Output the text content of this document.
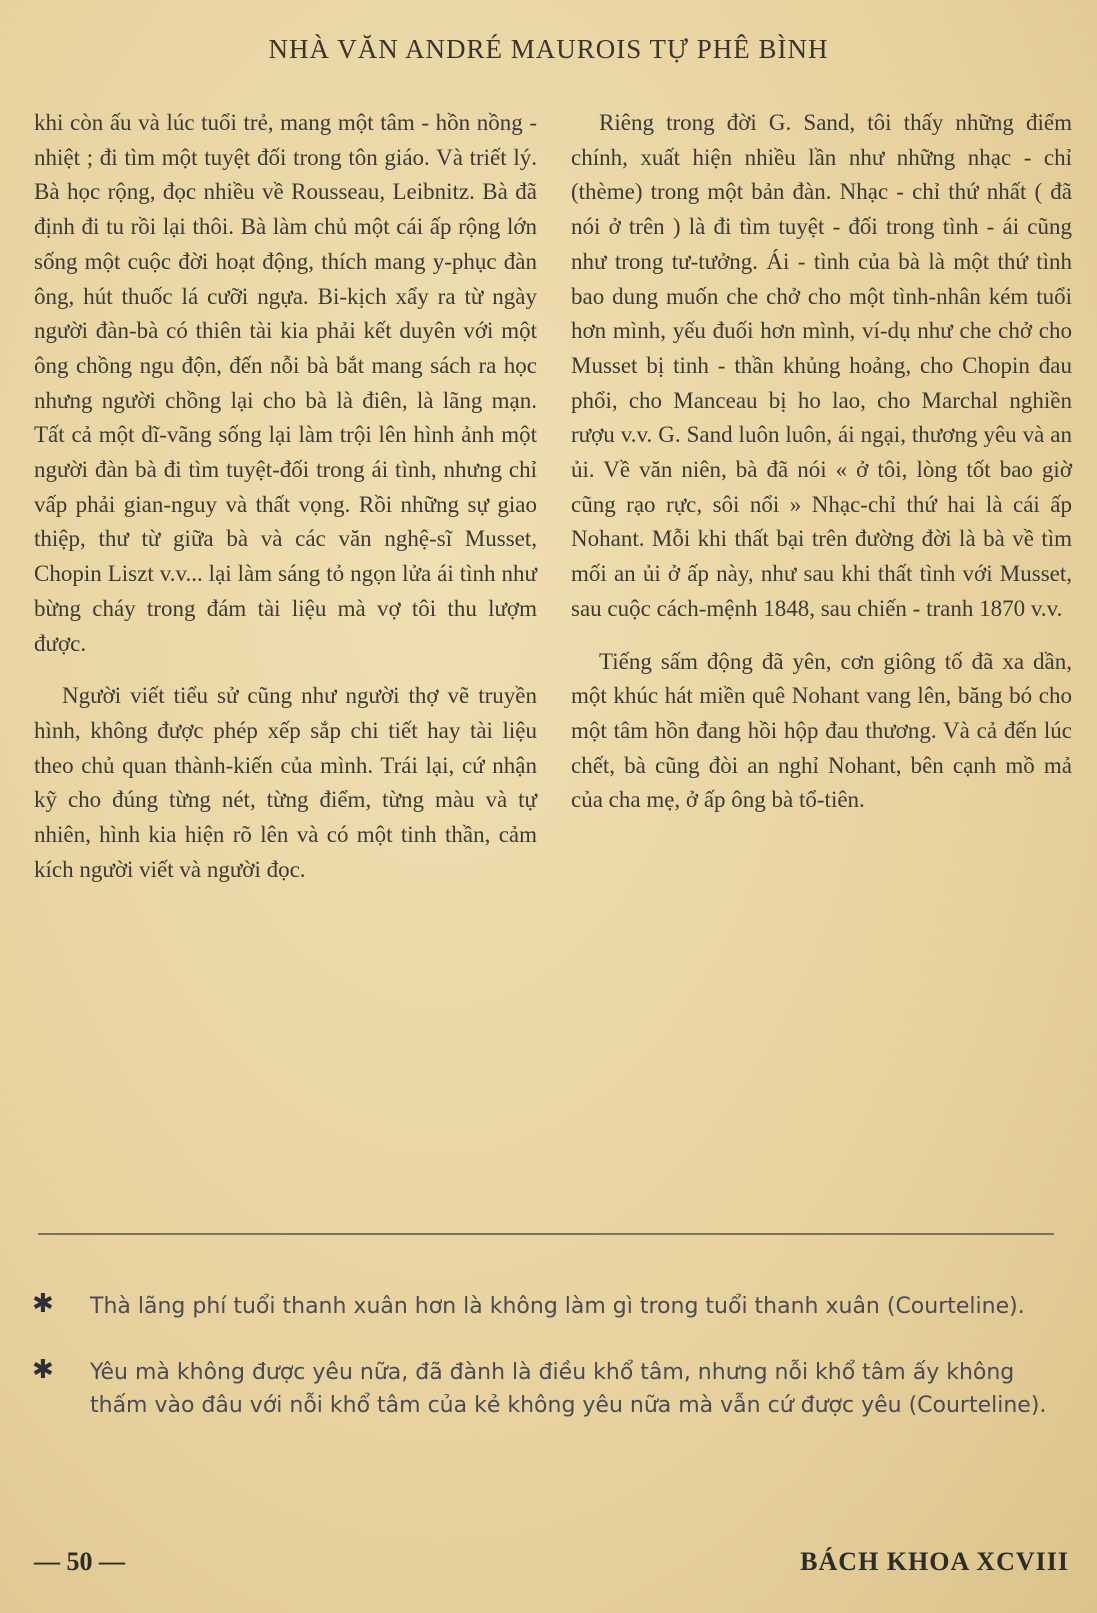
NHÀ VĂN ANDRÉ MAUROIS TỰ PHÊ BÌNH

khi còn ấu và lúc tuổi trẻ, mang một tâm - hồn nồng - nhiệt ; đi tìm một tuyệt đối trong tôn giáo. Và triết lý. Bà học rộng, đọc nhiều về Rousseau, Leibnitz. Bà đã định đi tu rồi lại thôi. Bà làm chủ một cái ấp rộng lớn sống một cuộc đời hoạt động, thích mang y-phục đàn ông, hút thuốc lá cưỡi ngựa. Bi-kịch xẩy ra từ ngày người đàn-bà có thiên tài kia phải kết duyên với một ông chồng ngu độn, đến nỗi bà bắt mang sách ra học nhưng người chồng lại cho bà là điên, là lãng mạn. Tất cả một dĩ-vãng sống lại làm trội lên hình ảnh một người đàn bà đi tìm tuyệt-đối trong ái tình, nhưng chỉ vấp phải gian-nguy và thất vọng. Rồi những sự giao thiệp, thư từ giữa bà và các văn nghệ-sĩ Musset, Chopin Liszt v.v... lại làm sáng tỏ ngọn lửa ái tình như bừng cháy trong đám tài liệu mà vợ tôi thu lượm được.

Người viết tiểu sử cũng như người thợ vẽ truyền hình, không được phép xếp sắp chi tiết hay tài liệu theo chủ quan thành-kiến của mình. Trái lại, cứ nhận kỹ cho đúng từng nét, từng điểm, từng màu và tự nhiên, hình kia hiện rõ lên và có một tinh thần, cảm kích người viết và người đọc.

Riêng trong đời G. Sand, tôi thấy những điểm chính, xuất hiện nhiều lần như những nhạc - chỉ (thème) trong một bản đàn. Nhạc - chỉ thứ nhất ( đã nói ở trên ) là đi tìm tuyệt - đối trong tình - ái cũng như trong tư-tưởng. Ái - tình của bà là một thứ tình bao dung muốn che chở cho một tình-nhân kém tuổi hơn mình, yếu đuối hơn mình, ví-dụ như che chở cho Musset bị tinh - thần khủng hoảng, cho Chopin đau phổi, cho Manceau bị ho lao, cho Marchal nghiền rượu v.v. G. Sand luôn luôn, ái ngại, thương yêu và an ủi. Về văn niên, bà đã nói « ở tôi, lòng tốt bao giờ cũng rạo rực, sôi nổi » Nhạc-chỉ thứ hai là cái ấp Nohant. Mỗi khi thất bại trên đường đời là bà về tìm mối an ủi ở ấp này, như sau khi thất tình với Musset, sau cuộc cách-mệnh 1848, sau chiến - tranh 1870 v.v.

Tiếng sấm động đã yên, cơn giông tố đã xa dần, một khúc hát miền quê Nohant vang lên, băng bó cho một tâm hồn đang hồi hộp đau thương. Và cả đến lúc chết, bà cũng đòi an nghỉ Nohant, bên cạnh mồ mả của cha mẹ, ở ấp ông bà tổ-tiên.

✱ Thà lãng phí tuổi thanh xuân hơn là không làm gì trong tuổi thanh xuân (Courteline).
✱ Yêu mà không được yêu nữa, đã đành là điều khổ tâm, nhưng nỗi khổ tâm ấy không thấm vào đâu với nỗi khổ tâm của kẻ không yêu nữa mà vẫn cứ được yêu (Courteline).
— 50 —	BÁCH KHOA XCVIII
